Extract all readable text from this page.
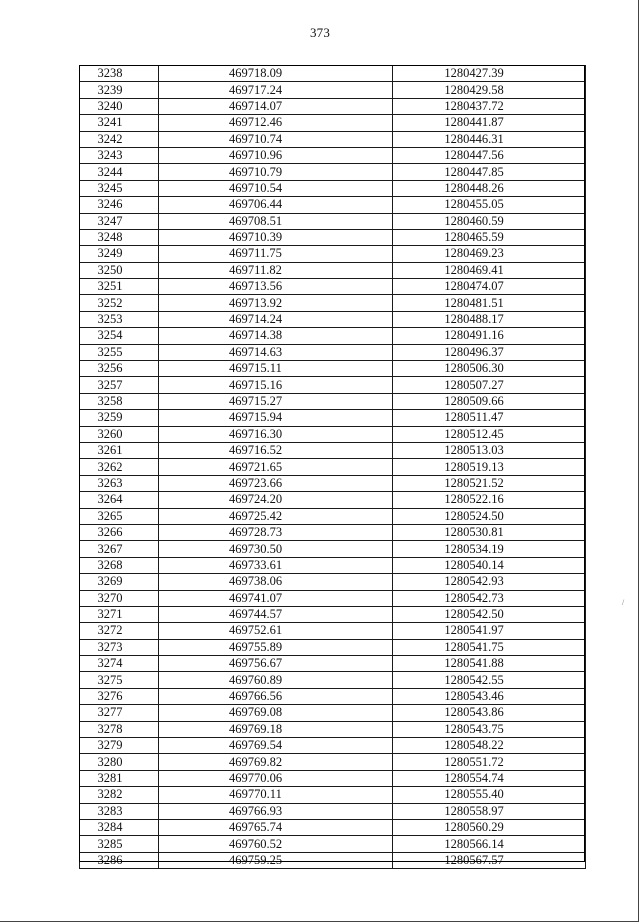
373
3238	469718.09	1280427.39
3239	469717.24	1280429.58
3240	469714.07	1280437.72
3241	469712.46	1280441.87
3242	469710.74	1280446.31
3243	469710.96	1280447.56
3244	469710.79	1280447.85
3245	469710.54	1280448.26
3246	469706.44	1280455.05
3247	469708.51	1280460.59
3248	469710.39	1280465.59
3249	469711.75	1280469.23
3250	469711.82	1280469.41
3251	469713.56	1280474.07
3252	469713.92	1280481.51
3253	469714.24	1280488.17
3254	469714.38	1280491.16
3255	469714.63	1280496.37
3256	469715.11	1280506.30
3257	469715.16	1280507.27
3258	469715.27	1280509.66
3259	469715.94	1280511.47
3260	469716.30	1280512.45
3261	469716.52	1280513.03
3262	469721.65	1280519.13
3263	469723.66	1280521.52
3264	469724.20	1280522.16
3265	469725.42	1280524.50
3266	469728.73	1280530.81
3267	469730.50	1280534.19
3268	469733.61	1280540.14
3269	469738.06	1280542.93
3270	469741.07	1280542.73
3271	469744.57	1280542.50
3272	469752.61	1280541.97
3273	469755.89	1280541.75
3274	469756.67	1280541.88
3275	469760.89	1280542.55
3276	469766.56	1280543.46
3277	469769.08	1280543.86
3278	469769.18	1280543.75
3279	469769.54	1280548.22
3280	469769.82	1280551.72
3281	469770.06	1280554.74
3282	469770.11	1280555.40
3283	469766.93	1280558.97
3284	469765.74	1280560.29
3285	469760.52	1280566.14
3286	469759.25	1280567.57
/
